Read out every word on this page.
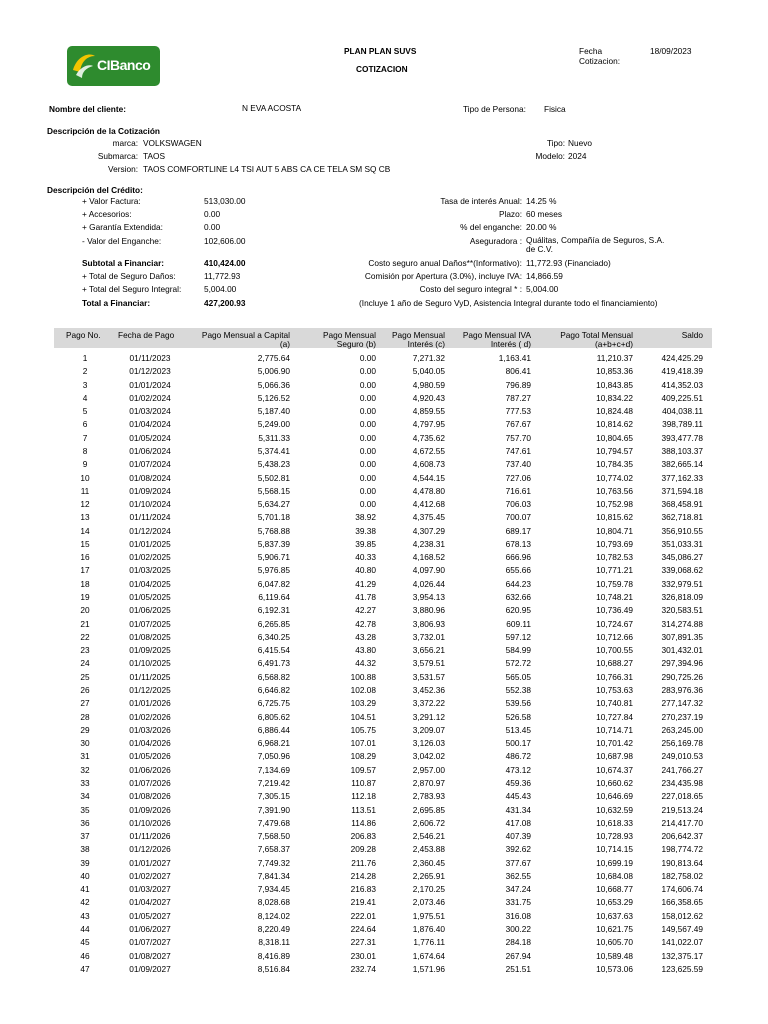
CIBanco
PLAN PLAN SUVS
COTIZACION
Fecha
Cotizacion:
18/09/2023
Nombre del cliente:	N EVA ACOSTA	Tipo de Persona: Fisica
Descripción de la Cotización
marca: VOLKSWAGEN
Submarca: TAOS
Version: TAOS COMFORTLINE L4 TSI AUT 5 ABS CA CE TELA SM SQ CB
Tipo: Nuevo
Modelo: 2024
Descripción del Crédito:
+ Valor Factura:	513,030.00
+ Accesorios:	0.00
+ Garantía Extendida:	0.00
- Valor del Enganche:	102,606.00
Subtotal a Financiar:	410,424.00
+ Total de Seguro Daños:	11,772.93
+ Total del Seguro Integral:	5,004.00
Total a Financiar:	427,200.93
Tasa de interés Anual: 14.25 %
Plazo: 60 meses
% del enganche: 20.00 %
Aseguradora : Quálitas, Compañía de Seguros, S.A.
de C.V.
Costo seguro anual Daños**(Informativo): 11,772.93 (Financiado)
Comisión por Apertura (3.0%), incluye IVA: 14,866.59
Costo del seguro integral * : 5,004.00
(Incluye 1 año de Seguro VyD, Asistencia Integral durante todo el financiamiento)
Pago No.	Fecha de Pago	Pago Mensual a Capital
(a)
Pago Mensual
Seguro (b)
Pago Mensual
Interés (c)
Pago Mensual IVA
Interés ( d)
Pago Total Mensual
(a+b+c+d)
Saldo
1	01/11/2023	2,775.64	0.00	7,271.32	1,163.41	11,210.37	424,425.29
2	01/12/2023	5,006.90	0.00	5,040.05	806.41	10,853.36	419,418.39
3	01/01/2024	5,066.36	0.00	4,980.59	796.89	10,843.85	414,352.03
4	01/02/2024	5,126.52	0.00	4,920.43	787.27	10,834.22	409,225.51
5	01/03/2024	5,187.40	0.00	4,859.55	777.53	10,824.48	404,038.11
6	01/04/2024	5,249.00	0.00	4,797.95	767.67	10,814.62	398,789.11
7	01/05/2024	5,311.33	0.00	4,735.62	757.70	10,804.65	393,477.78
8	01/06/2024	5,374.41	0.00	4,672.55	747.61	10,794.57	388,103.37
9	01/07/2024	5,438.23	0.00	4,608.73	737.40	10,784.35	382,665.14
10	01/08/2024	5,502.81	0.00	4,544.15	727.06	10,774.02	377,162.33
11	01/09/2024	5,568.15	0.00	4,478.80	716.61	10,763.56	371,594.18
12	01/10/2024	5,634.27	0.00	4,412.68	706.03	10,752.98	368,458.91
13	01/11/2024	5,701.18	38.92	4,375.45	700.07	10,815.62	362,718.81
14	01/12/2024	5,768.88	39.38	4,307.29	689.17	10,804.71	356,910.55
15	01/01/2025	5,837.39	39.85	4,238.31	678.13	10,793.69	351,033.31
16	01/02/2025	5,906.71	40.33	4,168.52	666.96	10,782.53	345,086.27
17	01/03/2025	5,976.85	40.80	4,097.90	655.66	10,771.21	339,068.62
18	01/04/2025	6,047.82	41.29	4,026.44	644.23	10,759.78	332,979.51
19	01/05/2025	6,119.64	41.78	3,954.13	632.66	10,748.21	326,818.09
20	01/06/2025	6,192.31	42.27	3,880.96	620.95	10,736.49	320,583.51
21	01/07/2025	6,265.85	42.78	3,806.93	609.11	10,724.67	314,274.88
22	01/08/2025	6,340.25	43.28	3,732.01	597.12	10,712.66	307,891.35
23	01/09/2025	6,415.54	43.80	3,656.21	584.99	10,700.55	301,432.01
24	01/10/2025	6,491.73	44.32	3,579.51	572.72	10,688.27	297,394.96
25	01/11/2025	6,568.82	100.88	3,531.57	565.05	10,766.31	290,725.26
26	01/12/2025	6,646.82	102.08	3,452.36	552.38	10,753.63	283,976.36
27	01/01/2026	6,725.75	103.29	3,372.22	539.56	10,740.81	277,147.32
28	01/02/2026	6,805.62	104.51	3,291.12	526.58	10,727.84	270,237.19
29	01/03/2026	6,886.44	105.75	3,209.07	513.45	10,714.71	263,245.00
30	01/04/2026	6,968.21	107.01	3,126.03	500.17	10,701.42	256,169.78
31	01/05/2026	7,050.96	108.29	3,042.02	486.72	10,687.98	249,010.53
32	01/06/2026	7,134.69	109.57	2,957.00	473.12	10,674.37	241,766.27
33	01/07/2026	7,219.42	110.87	2,870.97	459.36	10,660.62	234,435.98
34	01/08/2026	7,305.15	112.18	2,783.93	445.43	10,646.69	227,018.65
35	01/09/2026	7,391.90	113.51	2,695.85	431.34	10,632.59	219,513.24
36	01/10/2026	7,479.68	114.86	2,606.72	417.08	10,618.33	214,417.70
37	01/11/2026	7,568.50	206.83	2,546.21	407.39	10,728.93	206,642.37
38	01/12/2026	7,658.37	209.28	2,453.88	392.62	10,714.15	198,774.72
39	01/01/2027	7,749.32	211.76	2,360.45	377.67	10,699.19	190,813.64
40	01/02/2027	7,841.34	214.28	2,265.91	362.55	10,684.08	182,758.02
41	01/03/2027	7,934.45	216.83	2,170.25	347.24	10,668.77	174,606.74
42	01/04/2027	8,028.68	219.41	2,073.46	331.75	10,653.29	166,358.65
43	01/05/2027	8,124.02	222.01	1,975.51	316.08	10,637.63	158,012.62
44	01/06/2027	8,220.49	224.64	1,876.40	300.22	10,621.75	149,567.49
45	01/07/2027	8,318.11	227.31	1,776.11	284.18	10,605.70	141,022.07
46	01/08/2027	8,416.89	230.01	1,674.64	267.94	10,589.48	132,375.17
47	01/09/2027	8,516.84	232.74	1,571.96	251.51	10,573.06	123,625.59
